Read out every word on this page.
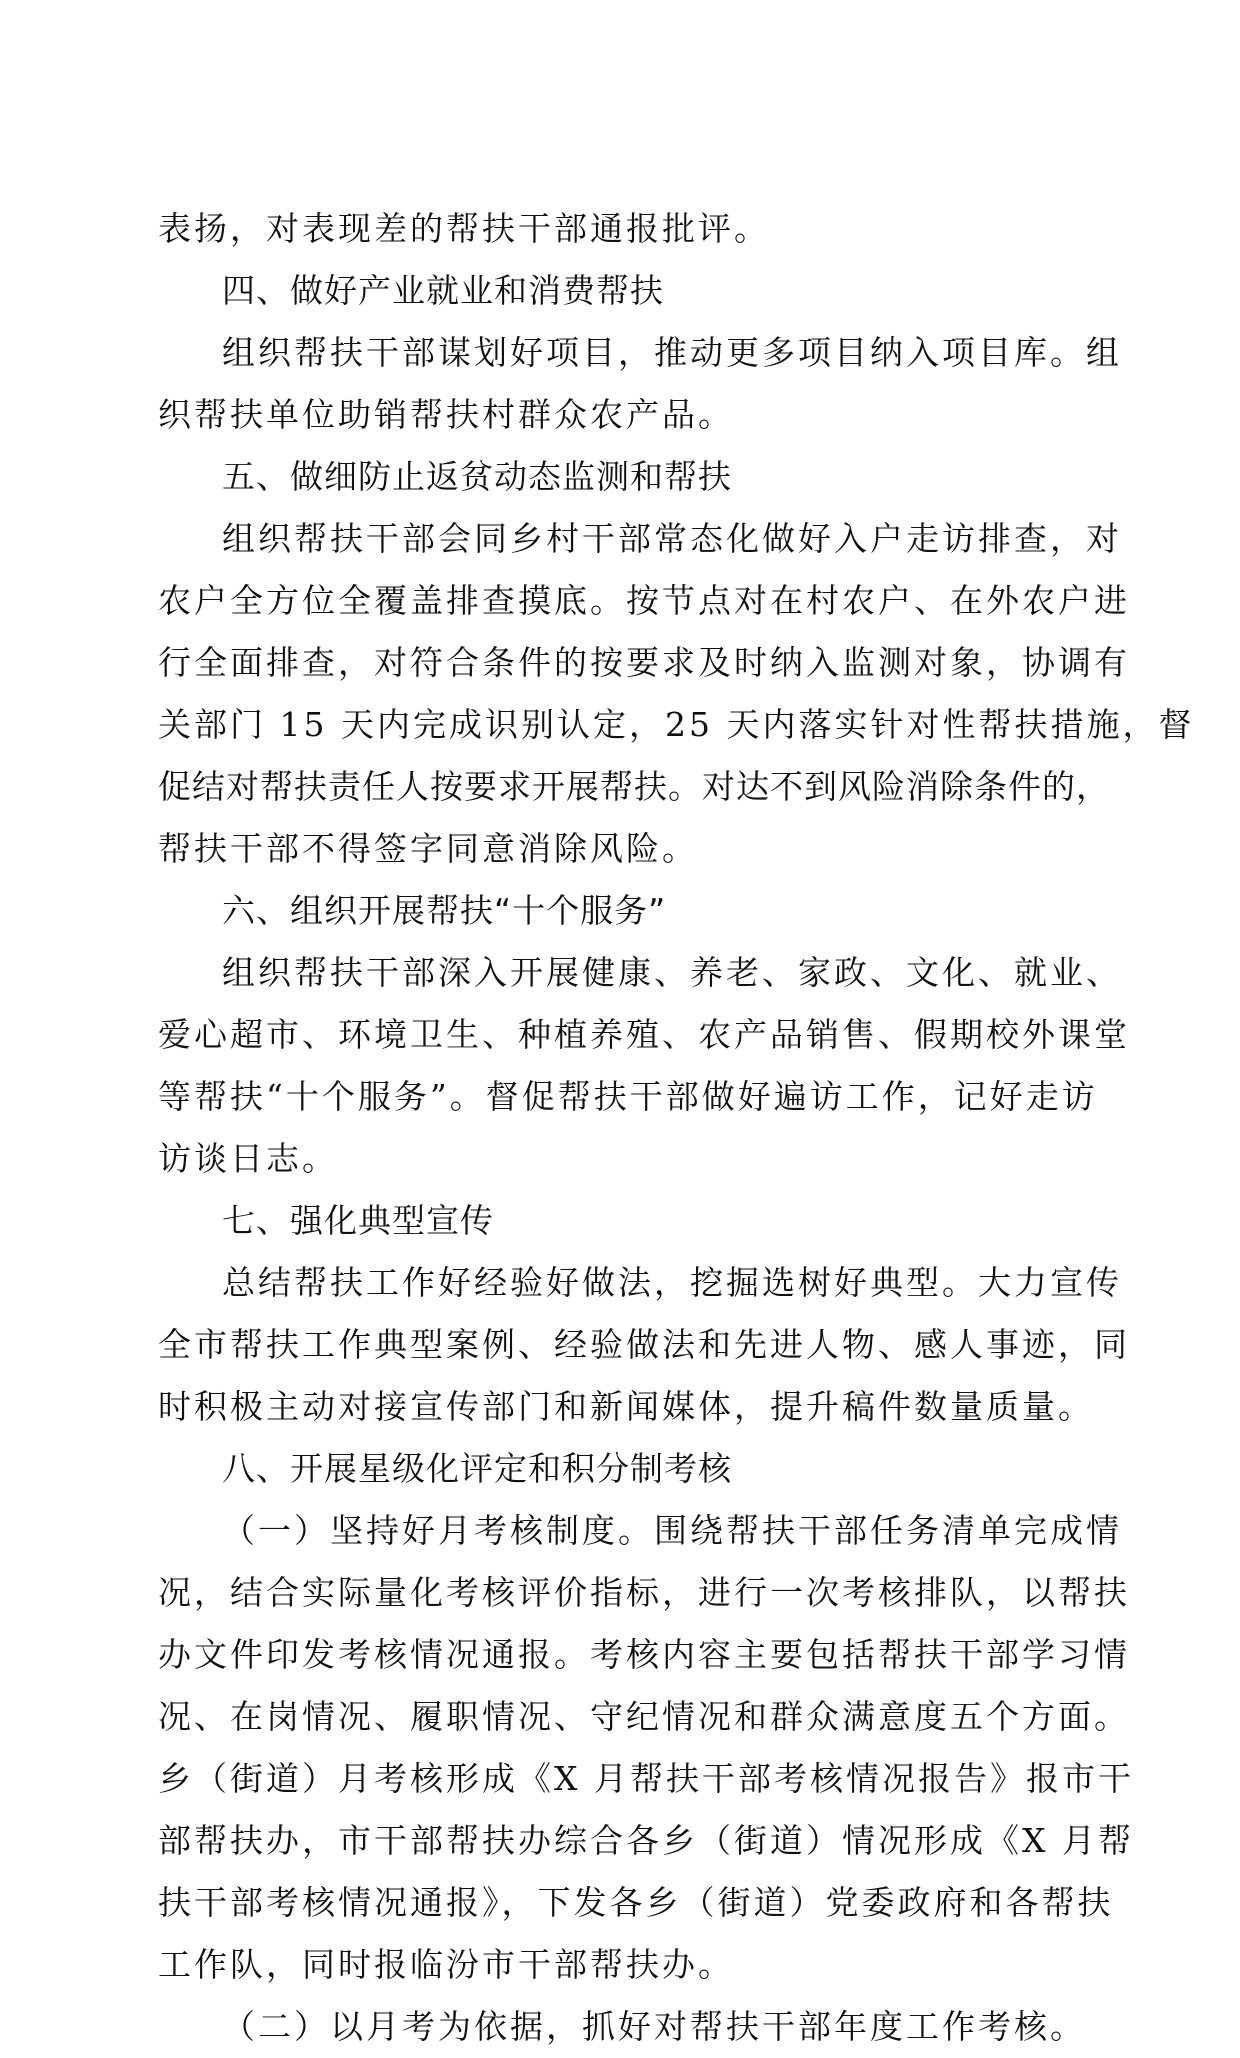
表扬，对表现差的帮扶干部通报批评。
四、做好产业就业和消费帮扶
组织帮扶干部谋划好项目，推动更多项目纳入项目库。组
织帮扶单位助销帮扶村群众农产品。
五、做细防止返贫动态监测和帮扶
组织帮扶干部会同乡村干部常态化做好入户走访排查，对
农户全方位全覆盖排查摸底。按节点对在村农户、在外农户进
行全面排查，对符合条件的按要求及时纳入监测对象，协调有
关部门 15 天内完成识别认定，25 天内落实针对性帮扶措施，督
促结对帮扶责任人按要求开展帮扶。对达不到风险消除条件的，
帮扶干部不得签字同意消除风险。
六、组织开展帮扶“十个服务”
组织帮扶干部深入开展健康、养老、家政、文化、就业、
爱心超市、环境卫生、种植养殖、农产品销售、假期校外课堂
等帮扶“十个服务”。督促帮扶干部做好遍访工作，记好走访
访谈日志。
七、强化典型宣传
总结帮扶工作好经验好做法，挖掘选树好典型。大力宣传
全市帮扶工作典型案例、经验做法和先进人物、感人事迹，同
时积极主动对接宣传部门和新闻媒体，提升稿件数量质量。
八、开展星级化评定和积分制考核
（一）坚持好月考核制度。围绕帮扶干部任务清单完成情
况，结合实际量化考核评价指标，进行一次考核排队，以帮扶
办文件印发考核情况通报。考核内容主要包括帮扶干部学习情
况、在岗情况、履职情况、守纪情况和群众满意度五个方面。
乡（街道）月考核形成《X 月帮扶干部考核情况报告》报市干
部帮扶办，市干部帮扶办综合各乡（街道）情况形成《X 月帮
扶干部考核情况通报》，下发各乡（街道）党委政府和各帮扶
工作队，同时报临汾市干部帮扶办。
（二）以月考为依据，抓好对帮扶干部年度工作考核。
